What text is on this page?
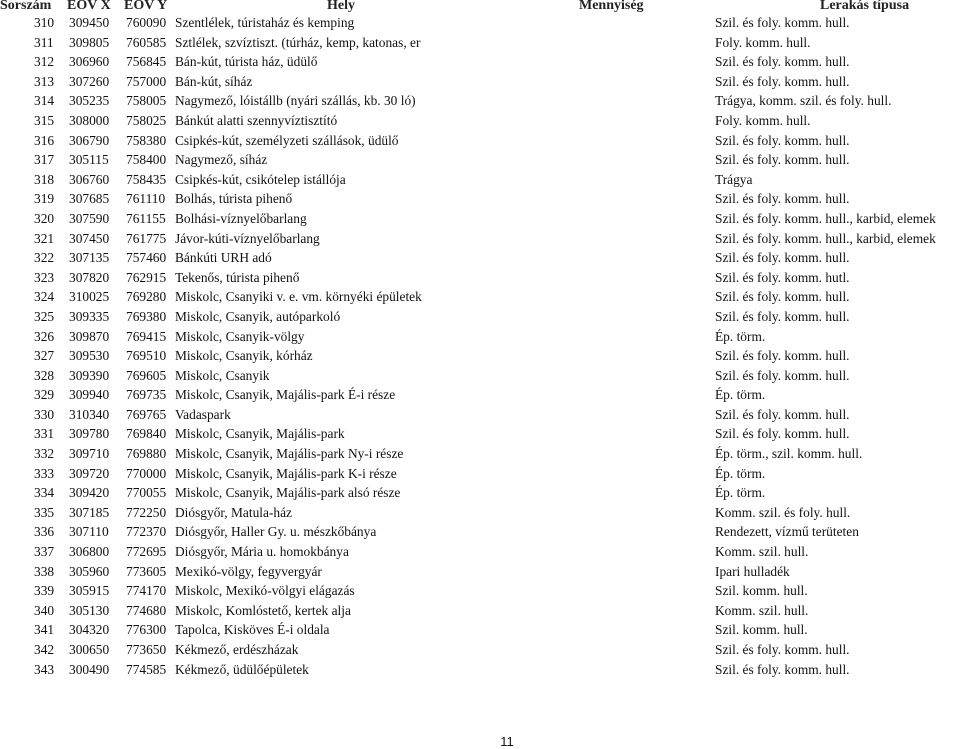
Sorszám EOV X EOV Y	Hely	Mennyiség	Lerakás típusa
310 309450 760090 Szentlélek, túristaház és kemping	Szil. és foly. komm. hull.
311 309805 760585 Sztlélek, szvíztiszt. (túrház, kemp, katonas, er	Foly. komm. hull.
312 306960 756845 Bán-kút, túrista ház, üdülő	Szil. és foly. komm. hull.
313 307260 757000 Bán-kút, síház	Szil. és foly. komm. hull.
314 305235 758005 Nagymező, lóistállb (nyári szállás, kb. 30 ló)	Trágya, komm. szil. és foly. hull.
315 308000 758025 Bánkút alatti szennyvíztisztító	Foly. komm. hull.
316 306790 758380 Csipkés-kút, személyzeti szállások, üdülő	Szil. és foly. komm. hull.
317 305115 758400 Nagymező, síház	Szil. és foly. komm. hull.
318 306760 758435 Csipkés-kút, csikótelep istállója	Trágya
319 307685 761110 Bolhás, túrista pihenő	Szil. és foly. komm. hull.
320 307590 761155 Bolhási-víznyelőbarlang	Szil. és foly. komm. hull., karbid, elemek
321 307450 761775 Jávor-kúti-víznyelőbarlang	Szil. és foly. komm. hull., karbid, elemek
322 307135 757460 Bánkúti URH adó	Szil. és foly. komm. hull.
323 307820 762915 Tekenős, túrista pihenő	Szil. és foly. komm. hutl.
324 310025 769280 Miskolc, Csanyiki v. e. vm. környéki épületek	Szil. és foly. komm. hull.
325 309335 769380 Miskolc, Csanyik, autóparkoló	Szil. és foly. komm. hull.
326 309870 769415 Miskolc, Csanyik-völgy	Ép. törm.
327 309530 769510 Miskolc, Csanyik, kórház	Szil. és foly. komm. hull.
328 309390 769605 Miskolc, Csanyik	Szil. és foly. komm. hull.
329 309940 769735 Miskolc, Csanyik, Majális-park É-i része	Ép. törm.
330 310340 769765 Vadaspark	Szil. és foly. komm. hull.
331 309780 769840 Miskolc, Csanyik, Majális-park	Szil. és foly. komm. hull.
332 309710 769880 Miskolc, Csanyik, Majális-park Ny-i része	Ép. törm., szil. komm. hull.
333 309720 770000 Miskolc, Csanyik, Majális-park K-i része	Ép. törm.
334 309420 770055 Miskolc, Csanyik, Majális-park alsó része	Ép. törm.
335 307185 772250 Diósgyőr, Matula-ház	Komm. szil. és foly. hull.
336 307110 772370 Diósgyőr, Haller Gy. u. mészkőbánya	Rendezett, vízmű terüteten
337 306800 772695 Diósgyőr, Mária u. homokbánya	Komm. szil. hull.
338 305960 773605 Mexikó-völgy, fegyvergyár	Ipari hulladék
339 305915 774170 Miskolc, Mexikó-völgyi elágazás	Szil. komm. hull.
340 305130 774680 Miskolc, Komlóstető, kertek alja	Komm. szil. hull.
341 304320 776300 Tapolca, Kisköves É-i oldala	Szil. komm. hull.
342 300650 773650 Kékmező, erdészházak	Szil. és foly. komm. hull.
343 300490 774585 Kékmező, üdülőépületek	Szil. és foly. komm. hull.
11
